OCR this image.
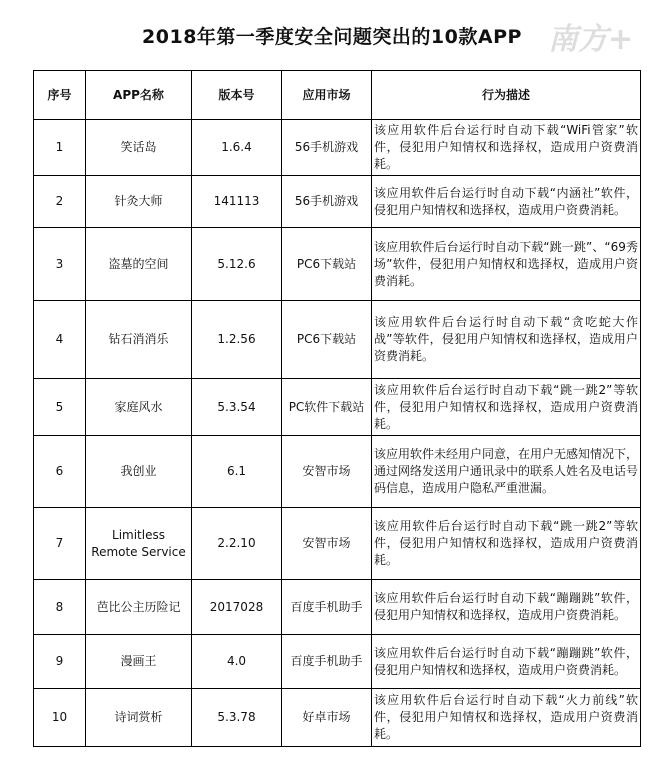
2018年第一季度安全问题突出的10款APP 南方+
序号	APP名称	版本号	应用市场	行为描述
1	笑话岛	1.6.4	56手机游戏	该应用软件后台运行时自动下载“WiFi管家”软件，侵犯用户知情权和选择权，造成用户资费消耗。
2	针灸大师	141113	56手机游戏	该应用软件后台运行时自动下载“内涵社”软件，侵犯用户知情权和选择权，造成用户资费消耗。
3	盗墓的空间	5.12.6	PC6下载站	该应用软件后台运行时自动下载“跳一跳”、“69秀场”软件，侵犯用户知情权和选择权，造成用户资费消耗。
4	钻石消消乐	1.2.56	PC6下载站	该应用软件后台运行时自动下载“贪吃蛇大作战”等软件，侵犯用户知情权和选择权，造成用户资费消耗。
5	家庭风水	5.3.54	PC软件下载站	该应用软件后台运行时自动下载“跳一跳2”等软件，侵犯用户知情权和选择权，造成用户资费消耗。
6	我创业	6.1	安智市场	该应用软件未经用户同意，在用户无感知情况下，通过网络发送用户通讯录中的联系人姓名及电话号码信息，造成用户隐私严重泄漏。
7	Limitless Remote Service	2.2.10	安智市场	该应用软件后台运行时自动下载“跳一跳2”等软件，侵犯用户知情权和选择权，造成用户资费消耗。
8	芭比公主历险记	2017028	百度手机助手	该应用软件后台运行时自动下载“蹦蹦跳”软件，侵犯用户知情权和选择权，造成用户资费消耗。
9	漫画王	4.0	百度手机助手	该应用软件后台运行时自动下载“蹦蹦跳”软件，侵犯用户知情权和选择权，造成用户资费消耗。
10	诗词赏析	5.3.78	好卓市场	该应用软件后台运行时自动下载“火力前线”软件，侵犯用户知情权和选择权，造成用户资费消耗。
